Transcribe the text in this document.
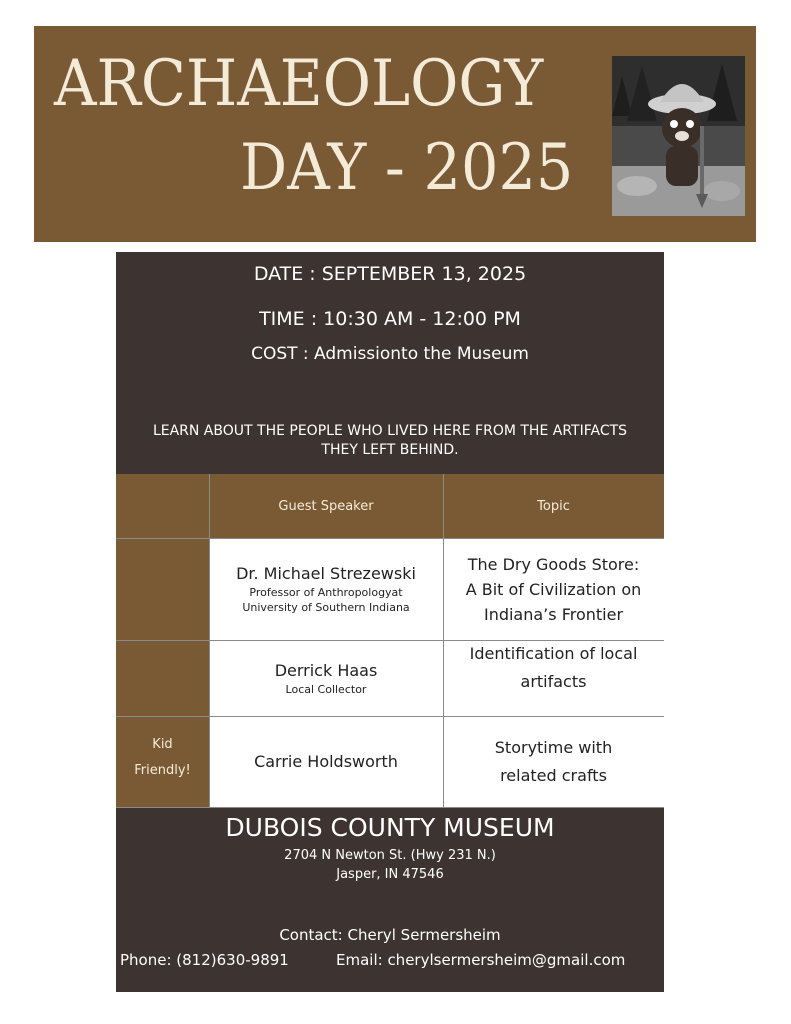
ARCHAEOLOGY
DAY - 2025
DATE : SEPTEMBER 13, 2025
TIME : 10:30 AM - 12:00 PM
COST : Admissionto the Museum
LEARN ABOUT THE PEOPLE WHO LIVED HERE FROM THE ARTIFACTS THEY LEFT BEHIND.
Guest Speaker	Topic
Dr. Michael Strezewski
Professor of Anthropologyat
University of Southern Indiana
The Dry Goods Store:
A Bit of Civilization on
Indiana’s Frontier
Derrick Haas
Local Collector
Identification of local
artifacts
Carrie Holdsworth
Storytime with
related crafts
Kid
Friendly!
DUBOIS COUNTY MUSEUM
2704 N Newton St. (Hwy 231 N.)
Jasper, IN 47546
Contact: Cheryl Sermersheim
Phone: (812)630-9891	Email: cherylsermersheim@gmail.com
